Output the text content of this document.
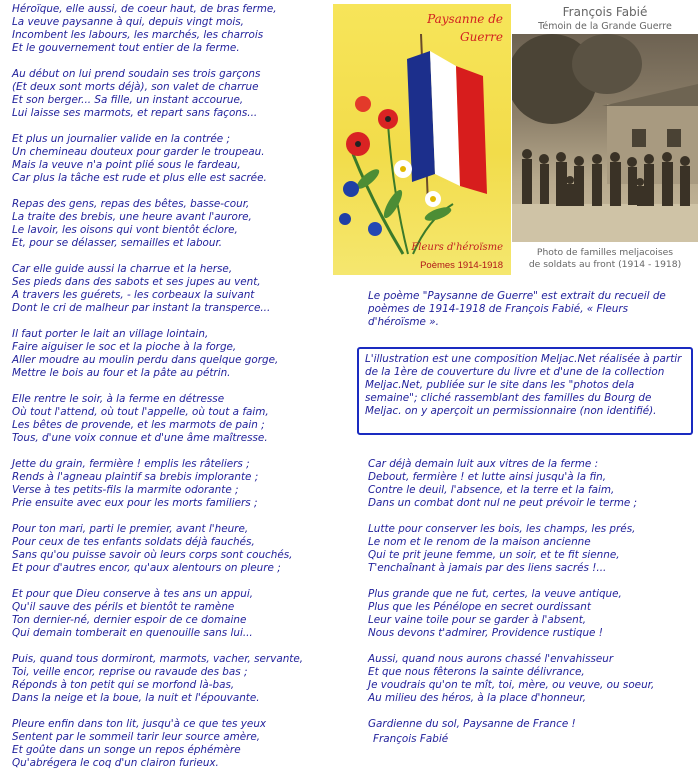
Héroïque, elle aussi, de coeur haut, de bras ferme,
La veuve paysanne à qui, depuis vingt mois,
Incombent les labours, les marchés, les charrois
Et le gouvernement tout entier de la ferme.

Au début on lui prend soudain ses trois garçons
(Et deux sont morts déjà), son valet de charrue
Et son berger... Sa fille, un instant accourue,
Lui laisse ses marmots, et repart sans façons...

Et plus un journalier valide en la contrée ;
Un chemineau douteux pour garder le troupeau.
Mais la veuve n'a point plié sous le fardeau,
Car plus la tâche est rude et plus elle est sacrée.

Repas des gens, repas des bêtes, basse-cour,
La traite des brebis, une heure avant l'aurore,
Le lavoir, les oisons qui vont bientôt éclore,
Et, pour se délasser, semailles et labour.

Car elle guide aussi la charrue et la herse,
Ses pieds dans des sabots et ses jupes au vent,
A travers les guérets, - les corbeaux la suivant
Dont le cri de malheur par instant la transperce...

Il faut porter le lait an village lointain,
Faire aiguiser le soc et la pioche à la forge,
Aller moudre au moulin perdu dans quelque gorge,
Mettre le bois au four et la pâte au pétrin.

Elle rentre le soir, à la ferme en détresse
Où tout l'attend, où tout l'appelle, où tout a faim,
Les bêtes de provende, et les marmots de pain ;
Tous, d'une voix connue et d'une âme maîtresse.

Jette du grain, fermière ! emplis les râteliers ;
Rends à l'agneau plaintif sa brebis implorante ;
Verse à tes petits-fils la marmite odorante ;
Prie ensuite avec eux pour les morts familiers ;

Pour ton mari, parti le premier, avant l'heure,
Pour ceux de tes enfants soldats déjà fauchés,
Sans qu'ou puisse savoir où leurs corps sont couchés,
Et pour d'autres encor, qu'aux alentours on pleure ;

Et pour que Dieu conserve à tes ans un appui,
Qu'il sauve des périls et bientôt te ramène
Ton dernier-né, dernier espoir de ce domaine
Qui demain tomberait en quenouille sans lui...

Puis, quand tous dormiront, marmots, vacher, servante,
Toi, veille encor, reprise ou ravaude des bas ;
Réponds à ton petit qui se morfond là-bas,
Dans la neige et la boue, la nuit et l'épouvante.

Pleure enfin dans ton lit, jusqu'à ce que tes yeux
Sentent par le sommeil tarir leur source amère,
Et goûte dans un songe un repos éphémère
Qu'abrégera le coq d'un clairon furieux.

Paysanne de
Guerre
Fleurs d'héroïsme
Poèmes 1914-1918
François Fabié
Témoin de la Grande Guerre
Photo de familles meljacoises
de soldats au front (1914 - 1918)

Le poème "Paysanne de Guerre" est extrait du recueil de poèmes de 1914-1918 de François Fabié, « Fleurs d'héroïsme ».

L'illustration est une composition Meljac.Net réalisée à partir de la 1ère de couverture du livre et d'une de la collection Meljac.Net, publiée sur le site dans les "photos dela semaine"; cliché rassemblant des familles du Bourg de Meljac. on y aperçoit un permissionnaire (non identifié).

Car déjà demain luit aux vitres de la ferme :
Debout, fermière ! et lutte ainsi jusqu'à la fin,
Contre le deuil, l'absence, et la terre et la faim,
Dans un combat dont nul ne peut prévoir le terme ;

Lutte pour conserver les bois, les champs, les prés,
Le nom et le renom de la maison ancienne
Qui te prit jeune femme, un soir, et te fit sienne,
T'enchaînant à jamais par des liens sacrés !...

Plus grande que ne fut, certes, la veuve antique,
Plus que les Pénélope en secret ourdissant
Leur vaine toile pour se garder à l'absent,
Nous devons t'admirer, Providence rustique !

Aussi, quand nous aurons chassé l'envahisseur
Et que nous fêterons la sainte délivrance,
Je voudrais qu'on te mît, toi, mère, ou veuve, ou soeur,
Au milieu des héros, à la place d'honneur,

Gardienne du sol, Paysanne de France !

François Fabié
